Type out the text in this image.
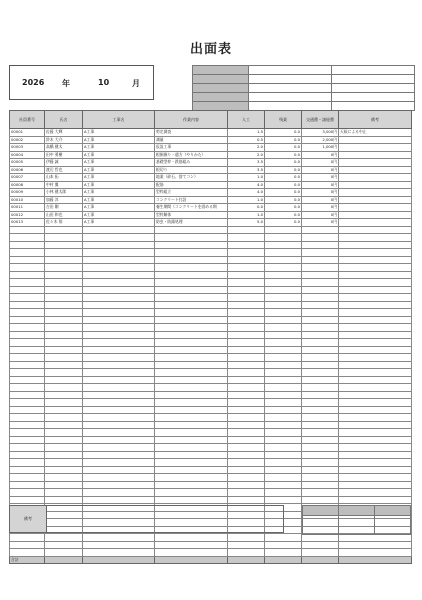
出面表
2026 年	10	月

社員番号	氏名	工事名	作業内容	人工	残業	交通費・諸経費	備考
00001	佐藤 大輝	A工事	剪定調査	1.5	0.0	3,000円	天候による中止
00002	鈴木 大介	A工事	測量	0.5	0.0	2,000円	
00003	高橋 健太	A工事	仮設工事	2.0	0.0	1,000円	
00004	田中 勇樹	A工事	根掘掘り・遣方（やりかた）	2.0	0.0	0円	
00005	伊藤 誠	A工事	基礎型枠・鉄筋組み	3.5	0.0	0円	
00006	渡辺 哲也	A工事	根切り	3.5	0.0	0円	
00007	山本 拓	A工事	地業（砕石、捨てコン）	1.0	0.0	0円	
00008	中村 翼	A工事	配筋	4.0	0.0	0円	
00009	小林 健太郎	A工事	型枠組立	4.0	0.0	0円	
00010	加藤 淳	A工事	コンクリート打設	1.0	0.0	0円	
00011	吉田 剛	A工事	養生期間（コンクリートを固める期	0.0	0.0	0円	
00012	山田 和也	A工事	型枠解体	1.0	0.0	0円	
00013	佐々木 翔	A工事	防虫・防錆処理	5.0	0.0	0円	

合計							
備考
